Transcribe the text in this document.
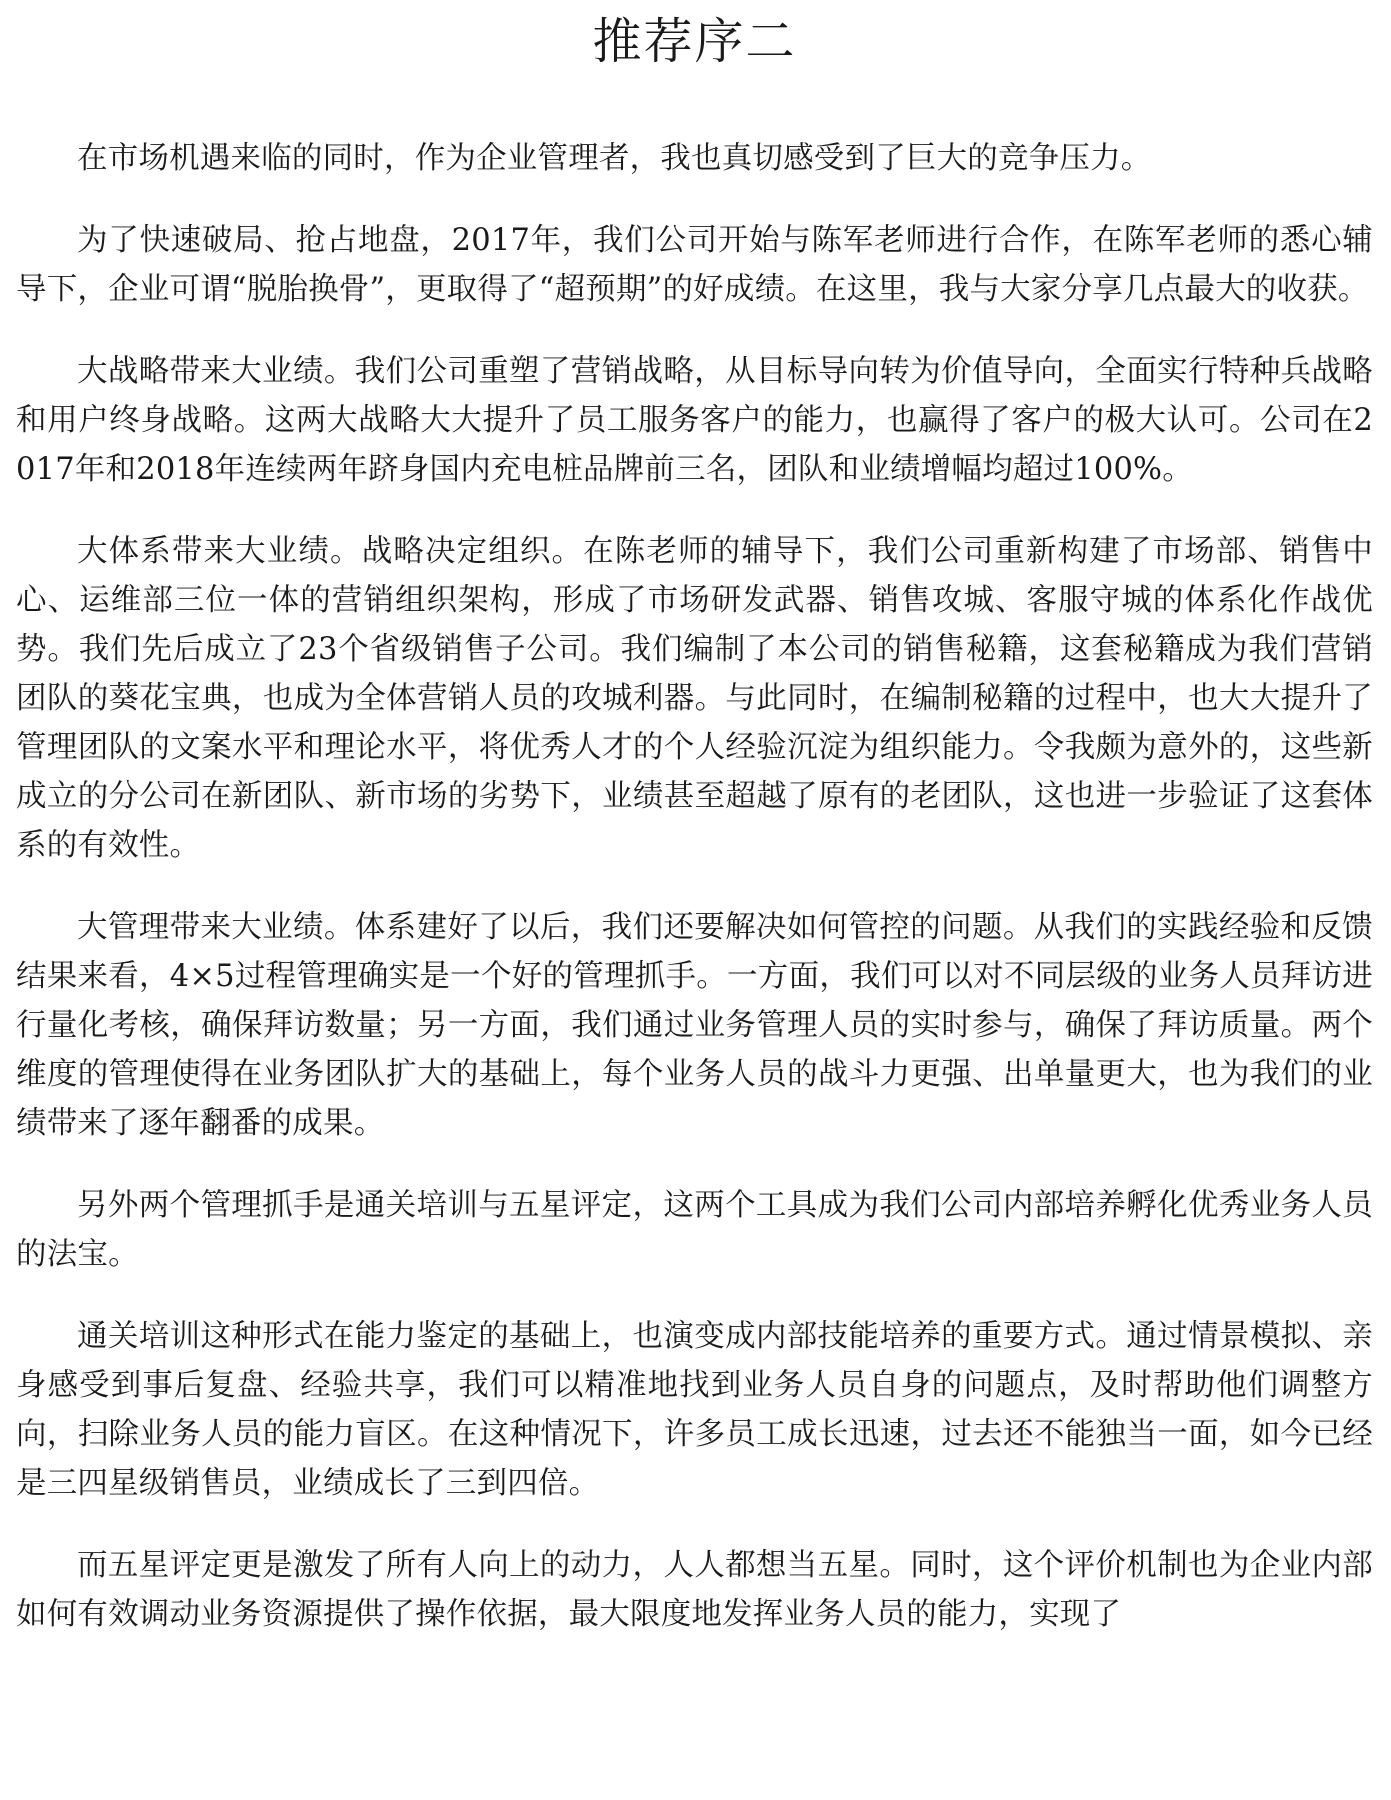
推荐序二

在市场机遇来临的同时，作为企业管理者，我也真切感受到了巨大的竞争压力。

为了快速破局、抢占地盘，2017年，我们公司开始与陈军老师进行合作，在陈军老师的悉心辅导下，企业可谓“脱胎换骨”，更取得了“超预期”的好成绩。在这里，我与大家分享几点最大的收获。

大战略带来大业绩。我们公司重塑了营销战略，从目标导向转为价值导向，全面实行特种兵战略和用户终身战略。这两大战略大大提升了员工服务客户的能力，也赢得了客户的极大认可。公司在2017年和2018年连续两年跻身国内充电桩品牌前三名，团队和业绩增幅均超过100%。

大体系带来大业绩。战略决定组织。在陈老师的辅导下，我们公司重新构建了市场部、销售中心、运维部三位一体的营销组织架构，形成了市场研发武器、销售攻城、客服守城的体系化作战优势。我们先后成立了23个省级销售子公司。我们编制了本公司的销售秘籍，这套秘籍成为我们营销团队的葵花宝典，也成为全体营销人员的攻城利器。与此同时，在编制秘籍的过程中，也大大提升了管理团队的文案水平和理论水平，将优秀人才的个人经验沉淀为组织能力。令我颇为意外的，这些新成立的分公司在新团队、新市场的劣势下，业绩甚至超越了原有的老团队，这也进一步验证了这套体系的有效性。

大管理带来大业绩。体系建好了以后，我们还要解决如何管控的问题。从我们的实践经验和反馈结果来看，4×5过程管理确实是一个好的管理抓手。一方面，我们可以对不同层级的业务人员拜访进行量化考核，确保拜访数量；另一方面，我们通过业务管理人员的实时参与，确保了拜访质量。两个维度的管理使得在业务团队扩大的基础上，每个业务人员的战斗力更强、出单量更大，也为我们的业绩带来了逐年翻番的成果。

另外两个管理抓手是通关培训与五星评定，这两个工具成为我们公司内部培养孵化优秀业务人员的法宝。

通关培训这种形式在能力鉴定的基础上，也演变成内部技能培养的重要方式。通过情景模拟、亲身感受到事后复盘、经验共享，我们可以精准地找到业务人员自身的问题点，及时帮助他们调整方向，扫除业务人员的能力盲区。在这种情况下，许多员工成长迅速，过去还不能独当一面，如今已经是三四星级销售员，业绩成长了三到四倍。

而五星评定更是激发了所有人向上的动力，人人都想当五星。同时，这个评价机制也为企业内部如何有效调动业务资源提供了操作依据，最大限度地发挥业务人员的能力，实现了
